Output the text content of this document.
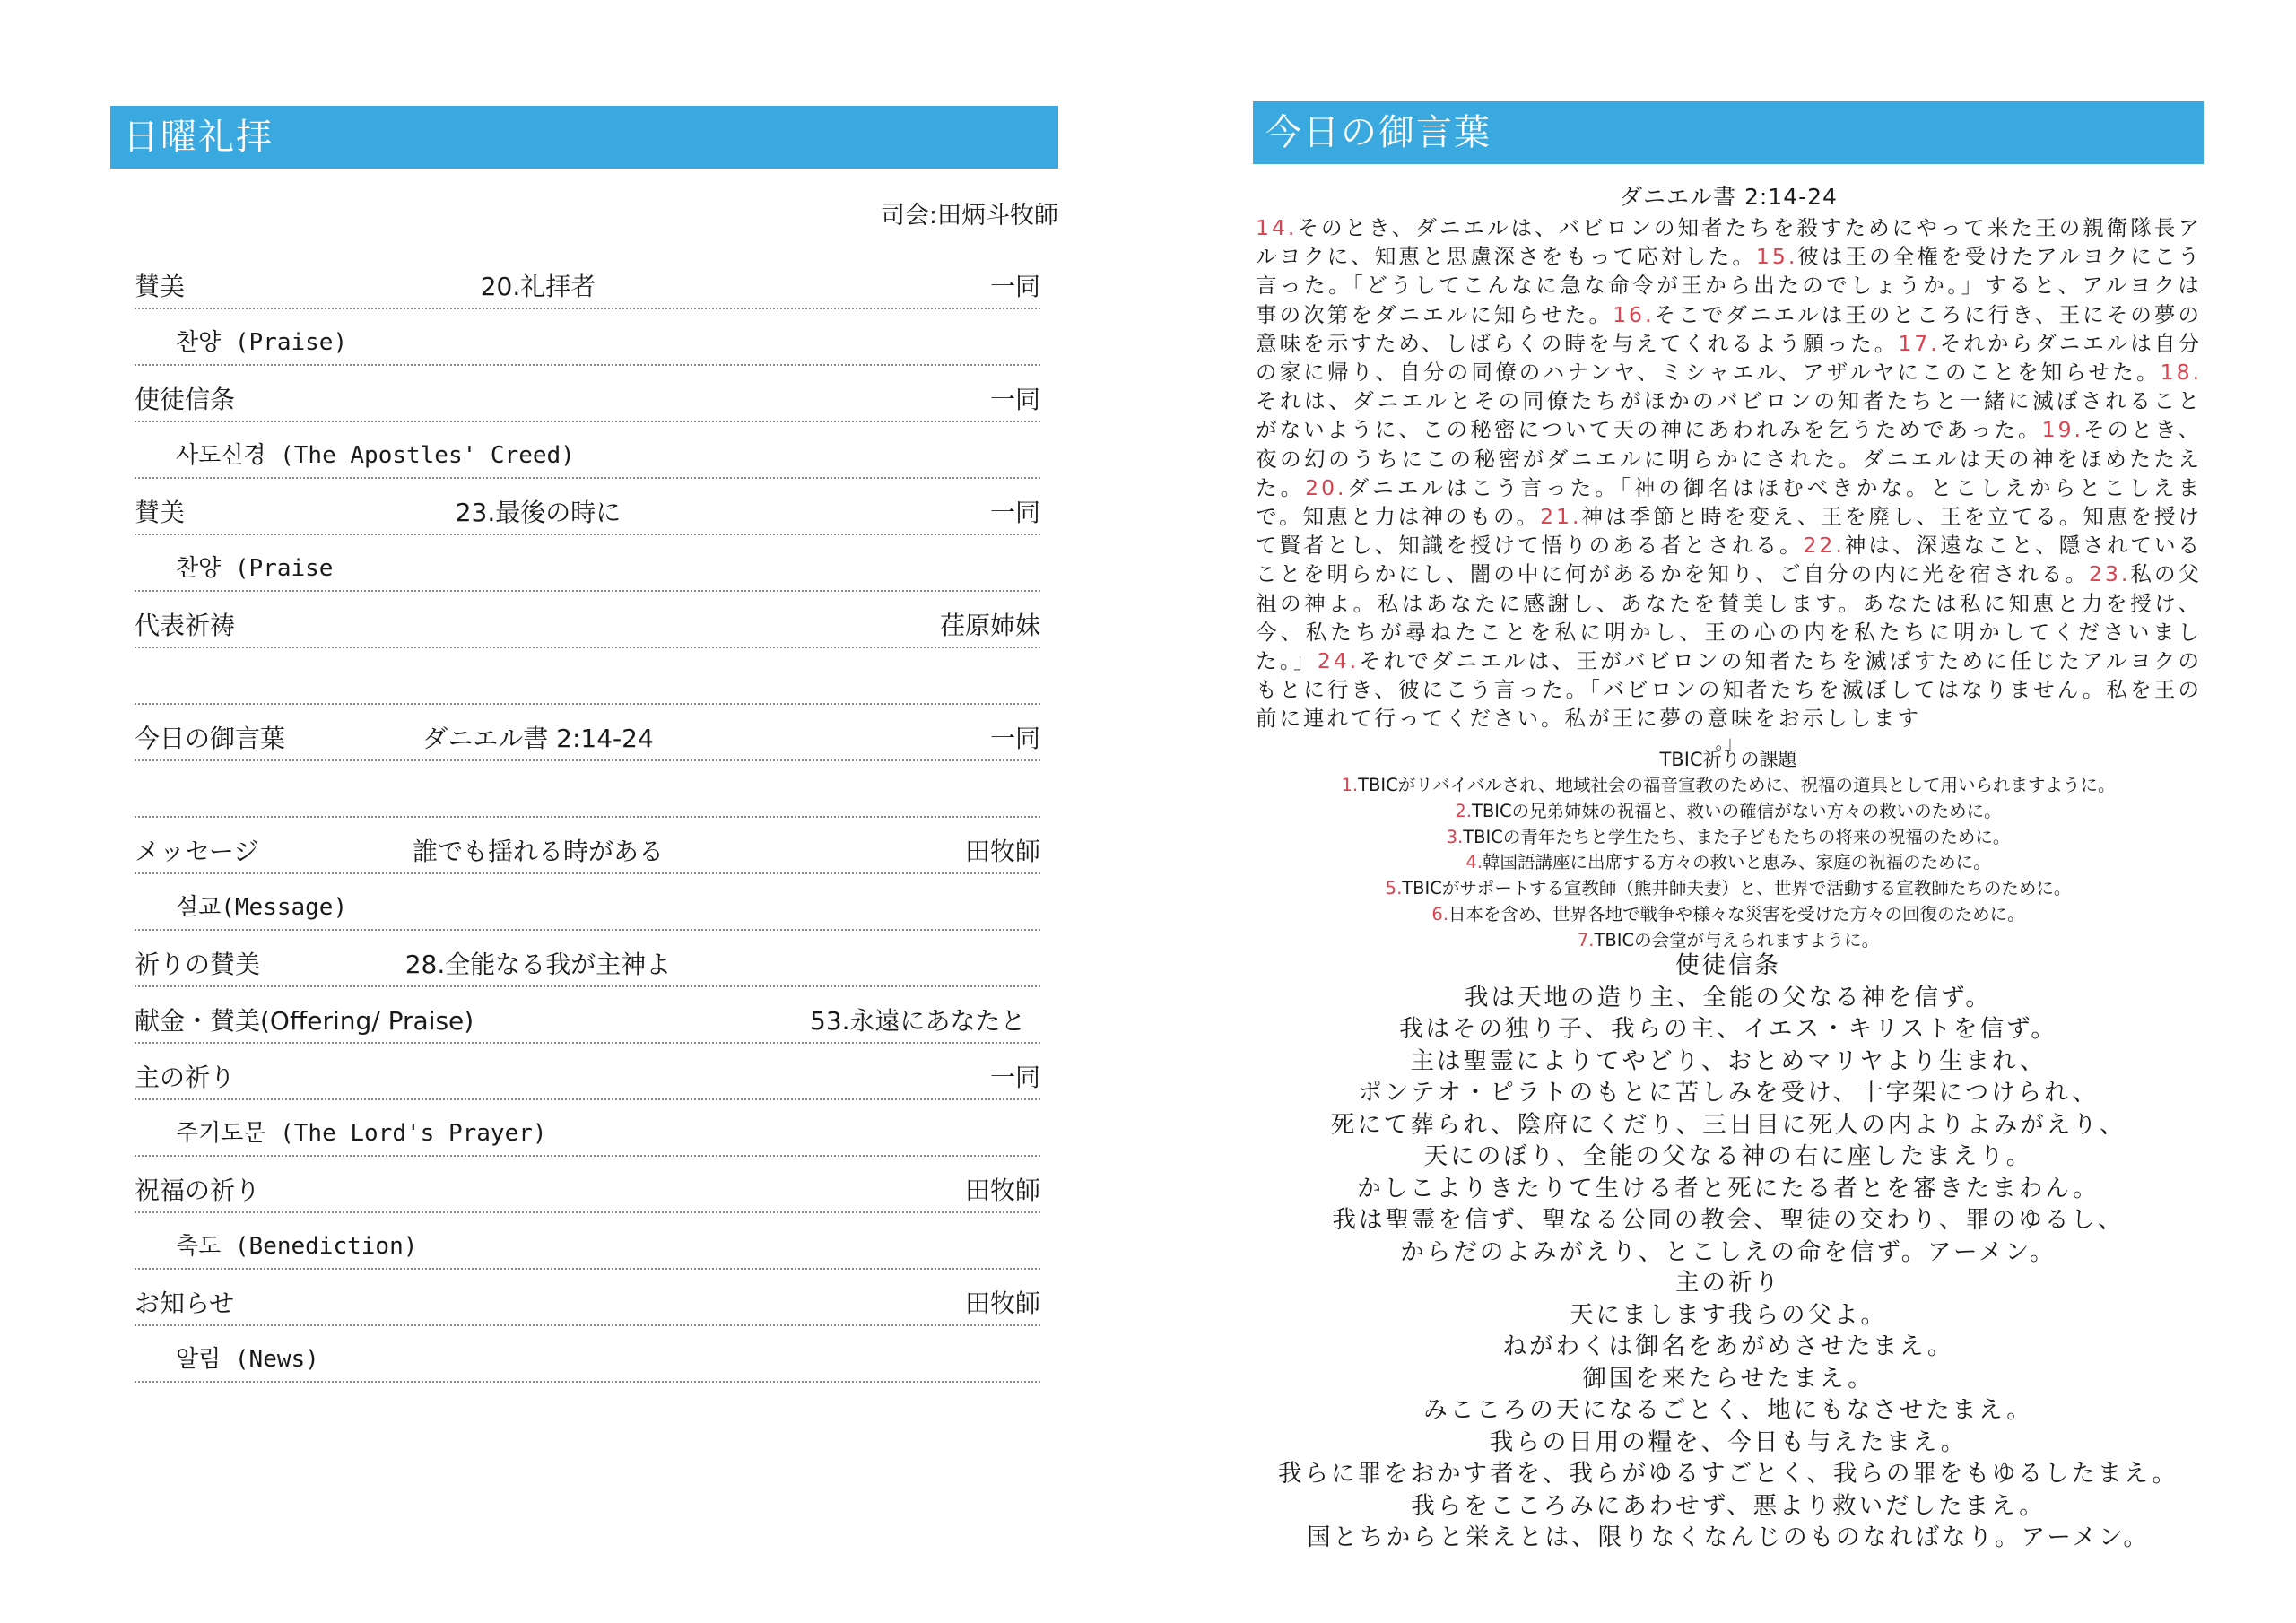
日曜礼拝
司会:田炳斗牧師
賛美	20.礼拝者	一同
찬양 (Praise)
使徒信条	一同
사도신경 (The Apostles' Creed)
賛美	23.最後の時に	一同
찬양 (Praise
代表祈祷	荏原姉妹
今日の御言葉	ダニエル書 2:14-24	一同
メッセージ	誰でも揺れる時がある	田牧師
설교(Message)
祈りの賛美	28.全能なる我が主神よ
献金・賛美(Offering/ Praise)	53.永遠にあなたと
主の祈り	一同
주기도문 (The Lord's Prayer)
祝福の祈り	田牧師
축도 (Benediction)
お知らせ	田牧師
알림 (News)
今日の御言葉
ダニエル書 2:14-24
14.そのとき、ダニエルは、バビロンの知者たちを殺すためにやって来た王の親衛隊長アルヨクに、知恵と思慮深さをもって応対した。15.彼は王の全権を受けたアルヨクにこう言った。「どうしてこんなに急な命令が王から出たのでしょうか。」すると、アルヨクは事の次第をダニエルに知らせた。16.そこでダニエルは王のところに行き、王にその夢の意味を示すため、しばらくの時を与えてくれるよう願った。17.それからダニエルは自分の家に帰り、自分の同僚のハナンヤ、ミシャエル、アザルヤにこのことを知らせた。18.それは、ダニエルとその同僚たちがほかのバビロンの知者たちと一緒に滅ぼされることがないように、この秘密について天の神にあわれみを乞うためであった。19.そのとき、夜の幻のうちにこの秘密がダニエルに明らかにされた。ダニエルは天の神をほめたたえた。20.ダニエルはこう言った。「神の御名はほむべきかな。とこしえからとこしえまで。知恵と力は神のもの。21.神は季節と時を変え、王を廃し、王を立てる。知恵を授けて賢者とし、知識を授けて悟りのある者とされる。22.神は、深遠なこと、隠されていることを明らかにし、闇の中に何があるかを知り、ご自分の内に光を宿される。23.私の父祖の神よ。私はあなたに感謝し、あなたを賛美します。あなたは私に知恵と力を授け、今、私たちが尋ねたことを私に明かし、王の心の内を私たちに明かしてくださいました。」24.それでダニエルは、王がバビロンの知者たちを滅ぼすために任じたアルヨクのもとに行き、彼にこう言った。「バビロンの知者たちを滅ぼしてはなりません。私を王の前に連れて行ってください。私が王に夢の意味をお示しします
。」
TBIC祈りの課題
1.TBICがリバイバルされ、地域社会の福音宣教のために、祝福の道具として用いられますように。
2.TBICの兄弟姉妹の祝福と、救いの確信がない方々の救いのために。
3.TBICの青年たちと学生たち、また子どもたちの将来の祝福のために。
4.韓国語講座に出席する方々の救いと恵み、家庭の祝福のために。
5.TBICがサポートする宣教師（熊井師夫妻）と、世界で活動する宣教師たちのために。
6.日本を含め、世界各地で戦争や様々な災害を受けた方々の回復のために。
7.TBICの会堂が与えられますように。
使徒信条
我は天地の造り主、全能の父なる神を信ず。
我はその独り子、我らの主、イエス・キリストを信ず。
主は聖霊によりてやどり、おとめマリヤより生まれ、
ポンテオ・ピラトのもとに苦しみを受け、十字架につけられ、
死にて葬られ、陰府にくだり、三日目に死人の内よりよみがえり、
天にのぼり、全能の父なる神の右に座したまえり。
かしこよりきたりて生ける者と死にたる者とを審きたまわん。
我は聖霊を信ず、聖なる公同の教会、聖徒の交わり、罪のゆるし、
からだのよみがえり、とこしえの命を信ず。アーメン。
主の祈り
天にまします我らの父よ。
ねがわくは御名をあがめさせたまえ。
御国を来たらせたまえ。
みこころの天になるごとく、地にもなさせたまえ。
我らの日用の糧を、今日も与えたまえ。
我らに罪をおかす者を、我らがゆるすごとく、我らの罪をもゆるしたまえ。
我らをこころみにあわせず、悪より救いだしたまえ。
国とちからと栄えとは、限りなくなんじのものなればなり。アーメン。
